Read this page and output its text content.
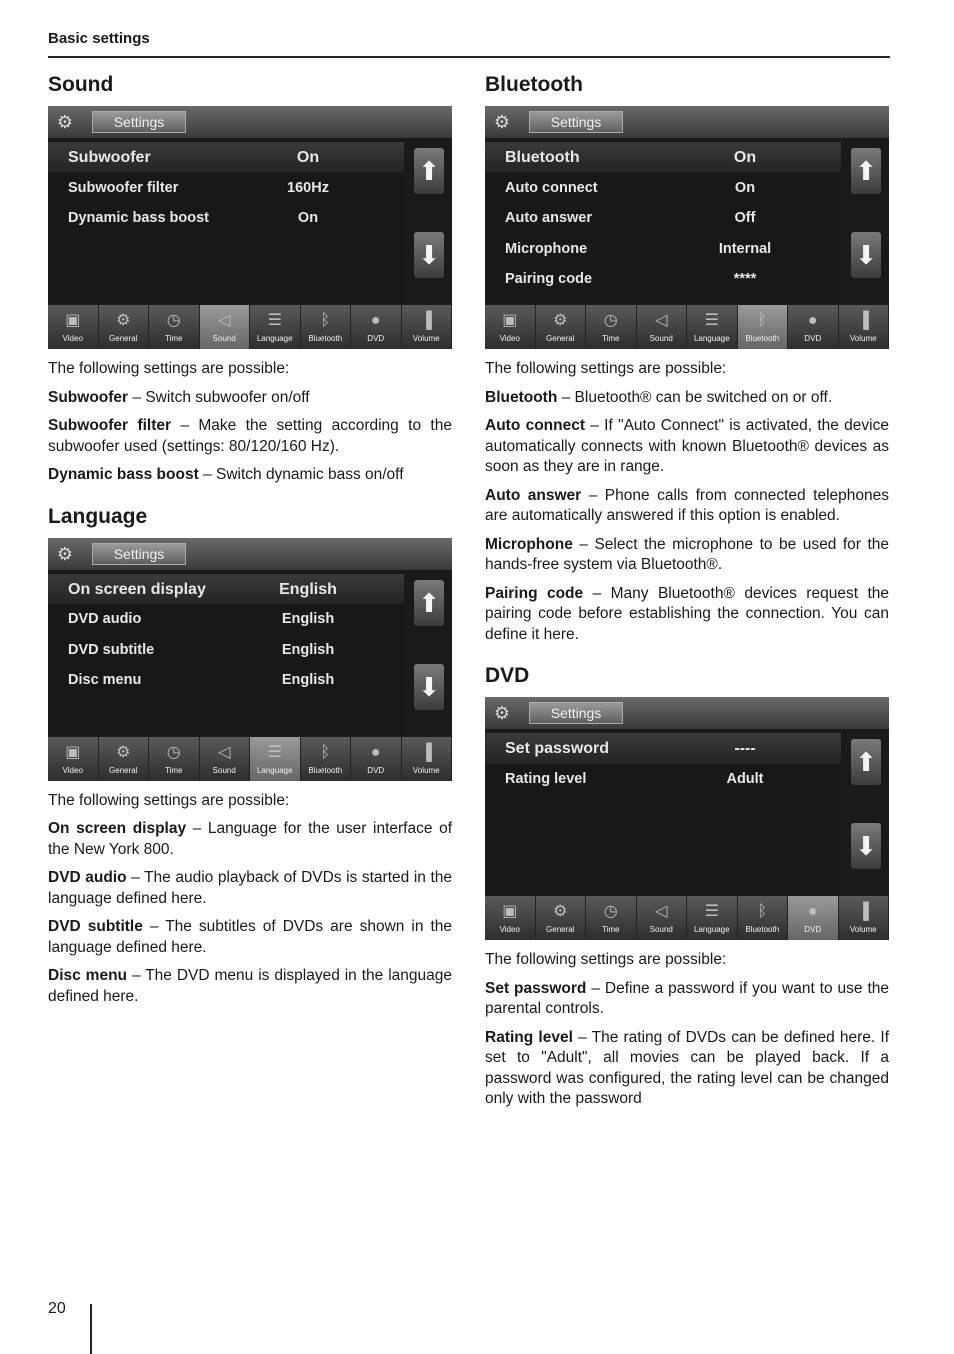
Basic settings
Sound
⚙	Settings
Subwoofer	On
Subwoofer filter	160Hz
Dynamic bass boost	On
⬆
⬇
▣
Video
⚙
General
◷
Time
◁
Sound
☰
Language
ᛒ
Bluetooth
●
DVD
▐
Volume

The following settings are possible:

Subwoofer – Switch subwoofer on/off

Subwoofer filter – Make the setting according to the subwoofer used (settings: 80/120/160 Hz).

Dynamic bass boost – Switch dynamic bass on/off

Language
⚙	Settings
On screen display	English
DVD audio	English
DVD subtitle	English
Disc menu	English
⬆
⬇
▣
Video
⚙
General
◷
Time
◁
Sound
☰
Language
ᛒ
Bluetooth
●
DVD
▐
Volume

The following settings are possible:

On screen display – Language for the user interface of the New York 800.

DVD audio – The audio playback of DVDs is started in the language defined here.

DVD subtitle – The subtitles of DVDs are shown in the language defined here.

Disc menu – The DVD menu is displayed in the language defined here.

Bluetooth
⚙	Settings
Bluetooth	On
Auto connect	On
Auto answer	Off
Microphone	Internal
Pairing code	****
⬆
⬇
▣
Video
⚙
General
◷
Time
◁
Sound
☰
Language
ᛒ
Bluetooth
●
DVD
▐
Volume

The following settings are possible:

Bluetooth – Bluetooth® can be switched on or off.

Auto connect – If "Auto Connect" is activated, the device automatically connects with known Bluetooth® devices as soon as they are in range.

Auto answer – Phone calls from connected telephones are automatically answered if this option is enabled.

Microphone – Select the microphone to be used for the hands-free system via Bluetooth®.

Pairing code – Many Bluetooth® devices request the pairing code before establishing the connection. You can define it here.

DVD
⚙	Settings
Set password	----
Rating level	Adult
⬆
⬇
▣
Video
⚙
General
◷
Time
◁
Sound
☰
Language
ᛒ
Bluetooth
●
DVD
▐
Volume

The following settings are possible:

Set password – Define a password if you want to use the parental controls.

Rating level – The rating of DVDs can be defined here. If set to "Adult", all movies can be played back. If a password was configured, the rating level can be changed only with the password

20
